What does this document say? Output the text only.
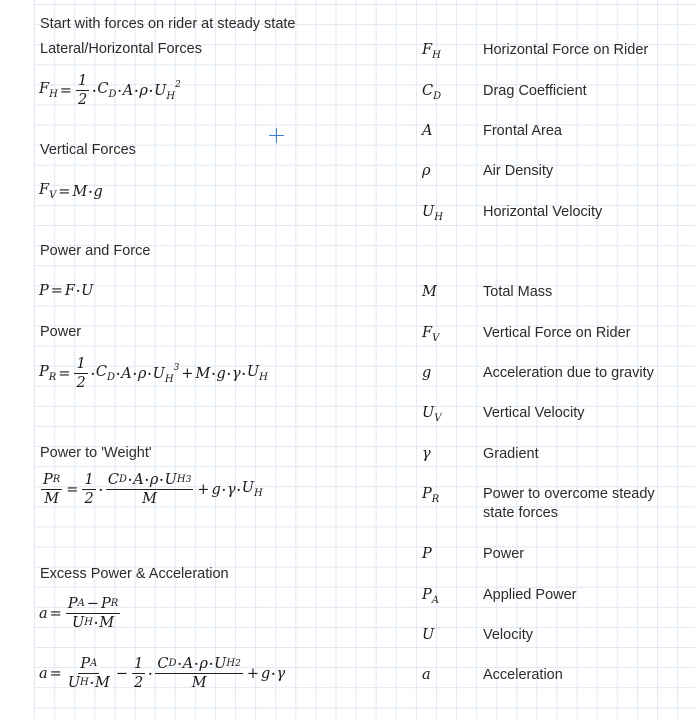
Start with forces on rider at steady state
Lateral/Horizontal Forces
Vertical Forces
Power and Force
Power
Power to 'Weight'
Excess Power & Acceleration
$F_H = \frac{1}{2} \cdot C_D \cdot A \cdot \rho \cdot U_H^2$
$F_V = M \cdot g$
P = F · U
$P_R = \frac{1}{2} \cdot C_D \cdot A \cdot \rho \cdot U_H^3 + M \cdot g \cdot \gamma \cdot U_H$
$\frac{\text{P R}}{M} = \frac{1}{2} \cdot \frac{\text{C D · A · ρ · U H 3}}{M} + g \cdot \gamma \cdot U_H$
$a = \frac{\text{P A − P R}}{\text{U H · M}}$
$a = \frac{\text{P A}}{\text{U H · M}} - \frac{1}{2} \cdot \frac{\text{C D · A · ρ · U H 2}}{M} + g \cdot \gamma$
$F_H$	Horizontal Force on Rider
$C_D$	Drag Coefficient
A	Frontal Area
ρ	Air Density
$U_H$	Horizontal Velocity
M	Total Mass
$F_V$	Vertical Force on Rider
g	Acceleration due to gravity
$U_V$	Vertical Velocity
γ	Gradient
$P_R$	Power to overcome steady state forces
P	Power
$P_A$	Applied Power
U	Velocity
a	Acceleration
